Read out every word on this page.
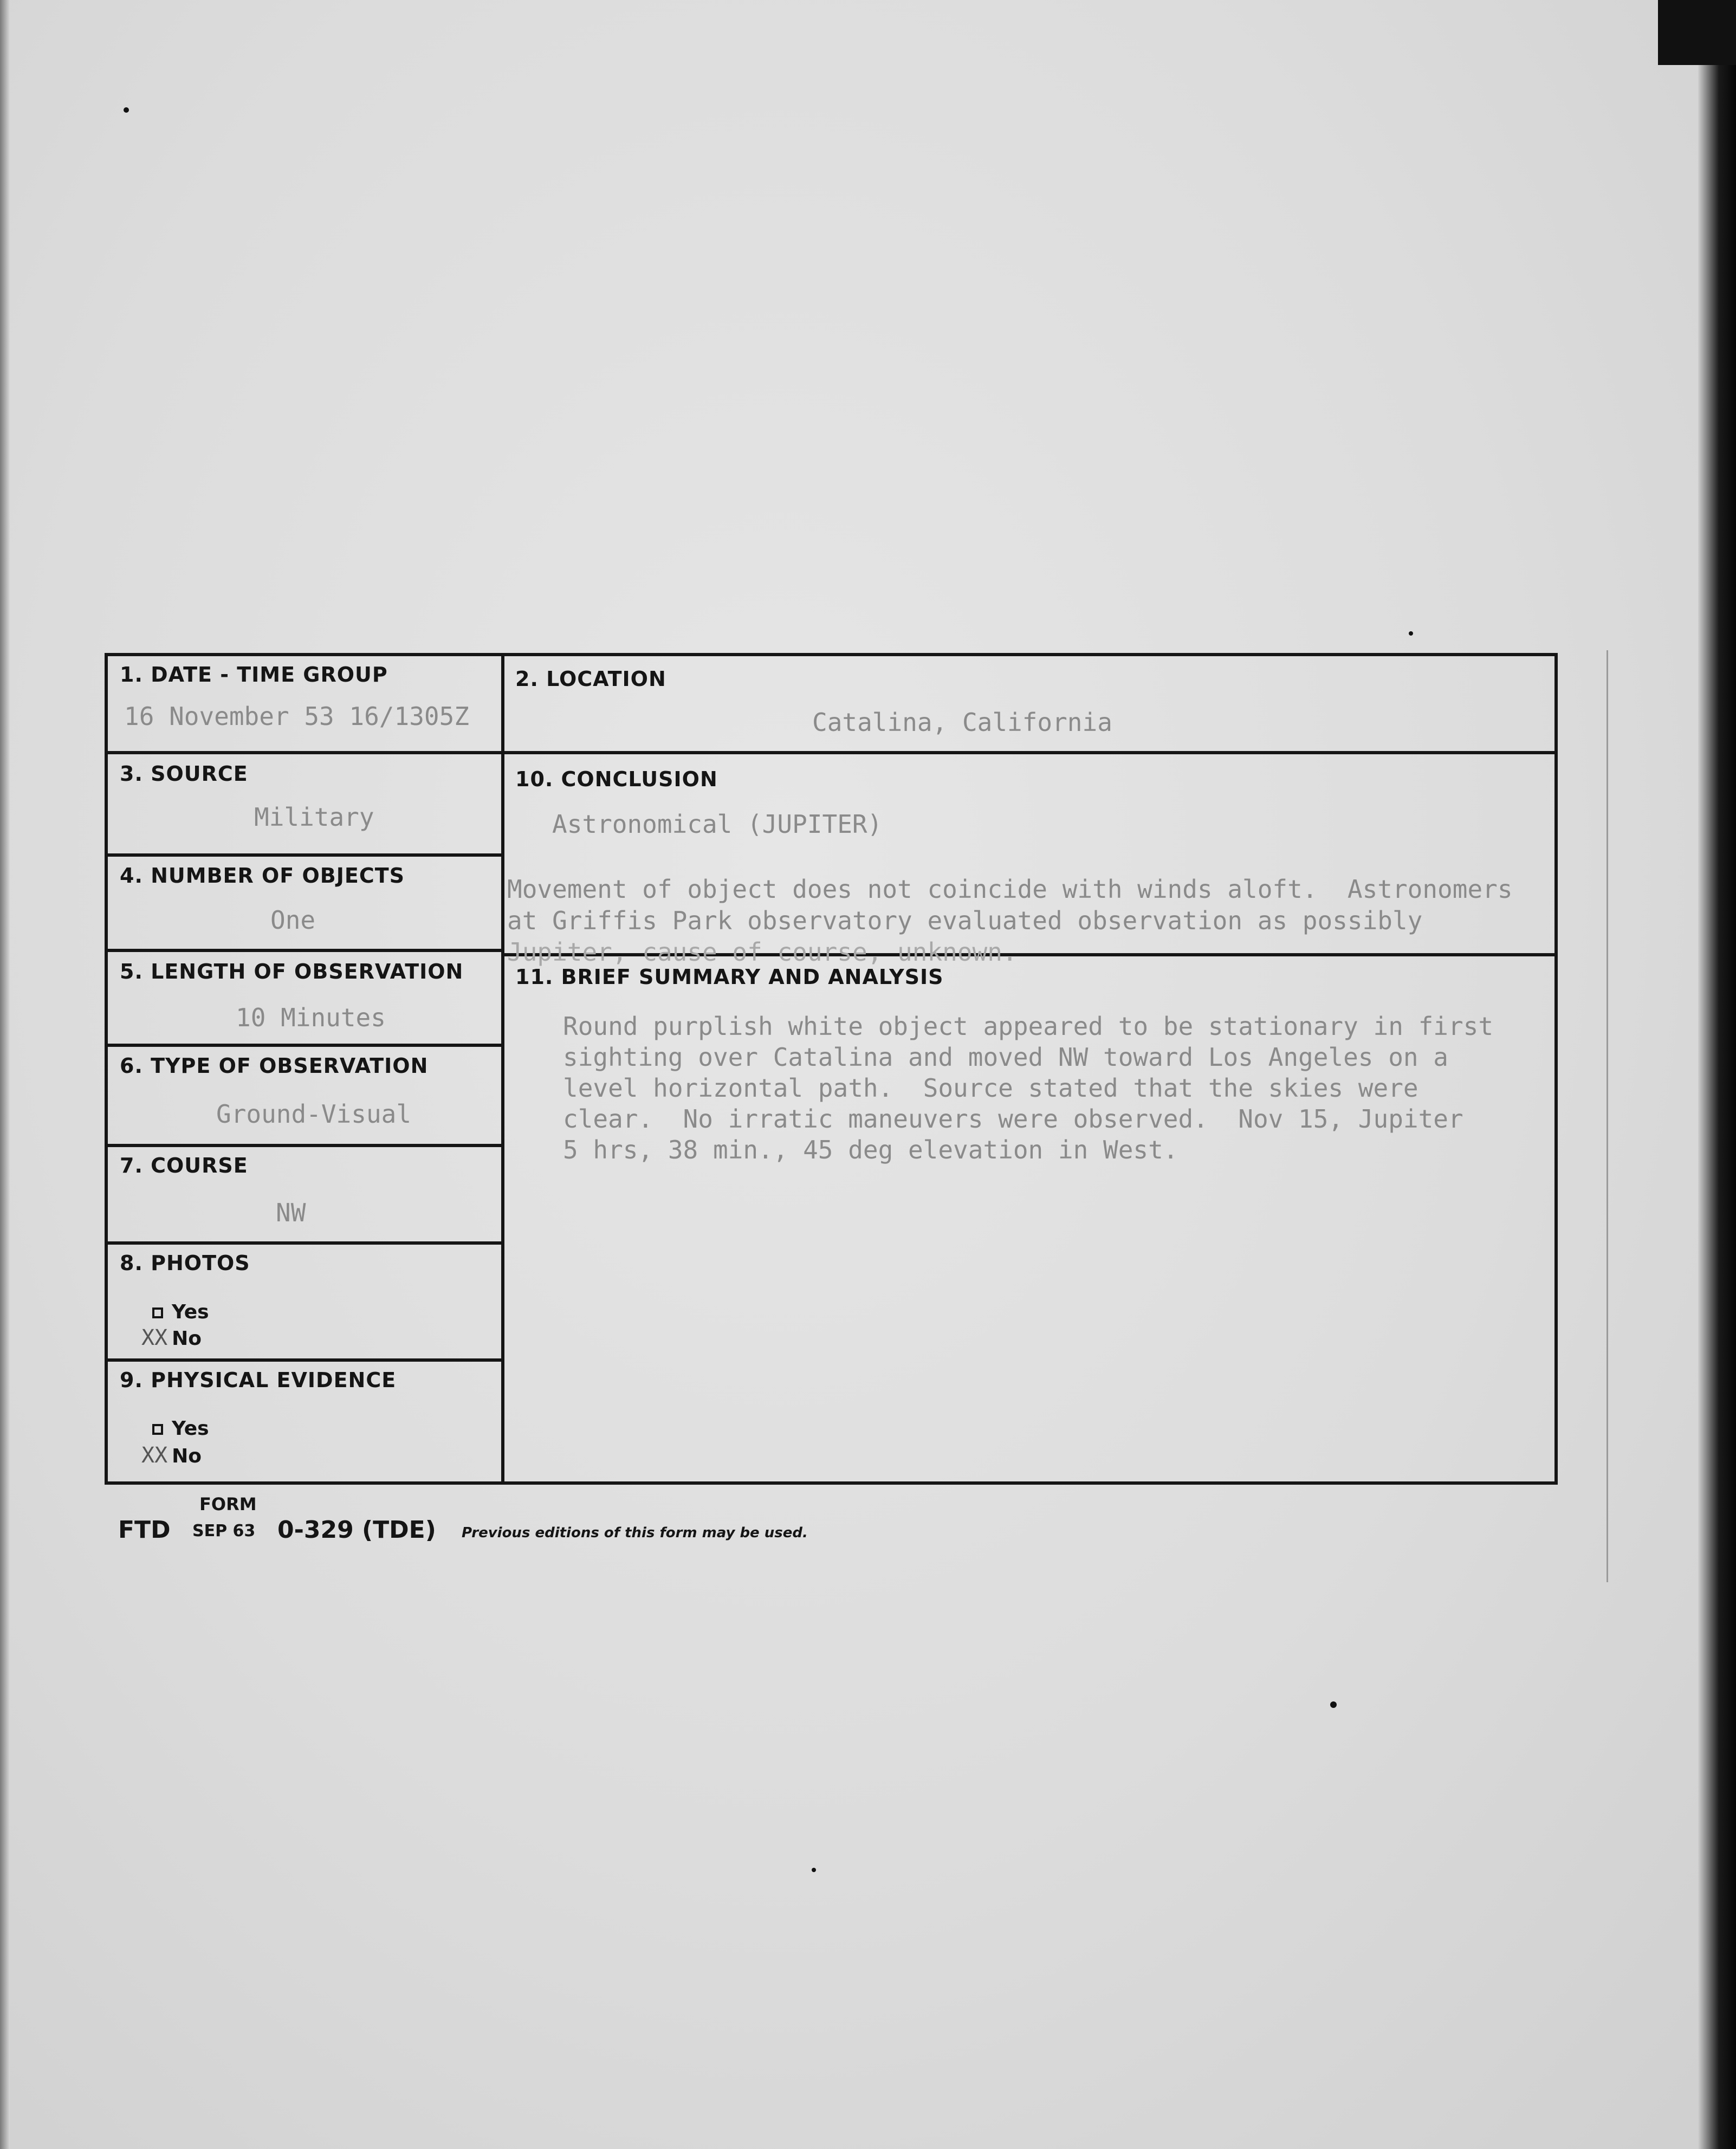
1. DATE - TIME GROUP
16 November 53 16/1305Z
2. LOCATION
Catalina, California
3. SOURCE
Military
4. NUMBER OF OBJECTS
One
5. LENGTH OF OBSERVATION
10 Minutes
6. TYPE OF OBSERVATION
Ground-Visual
7. COURSE
NW
8. PHOTOS
Yes
XX No
9. PHYSICAL EVIDENCE
Yes
XX No
10. CONCLUSION
Astronomical (JUPITER)
Movement of object does not coincide with winds aloft.  Astronomers
at Griffis Park observatory evaluated observation as possibly
Jupiter, cause of course, unknown.
11. BRIEF SUMMARY AND ANALYSIS
Round purplish white object appeared to be stationary in first
sighting over Catalina and moved NW toward Los Angeles on a
level horizontal path.  Source stated that the skies were
clear.  No irratic maneuvers were observed.  Nov 15, Jupiter
5 hrs, 38 min., 45 deg elevation in West.
FORM
FTD SEP 63 0-329 (TDE) Previous editions of this form may be used.
